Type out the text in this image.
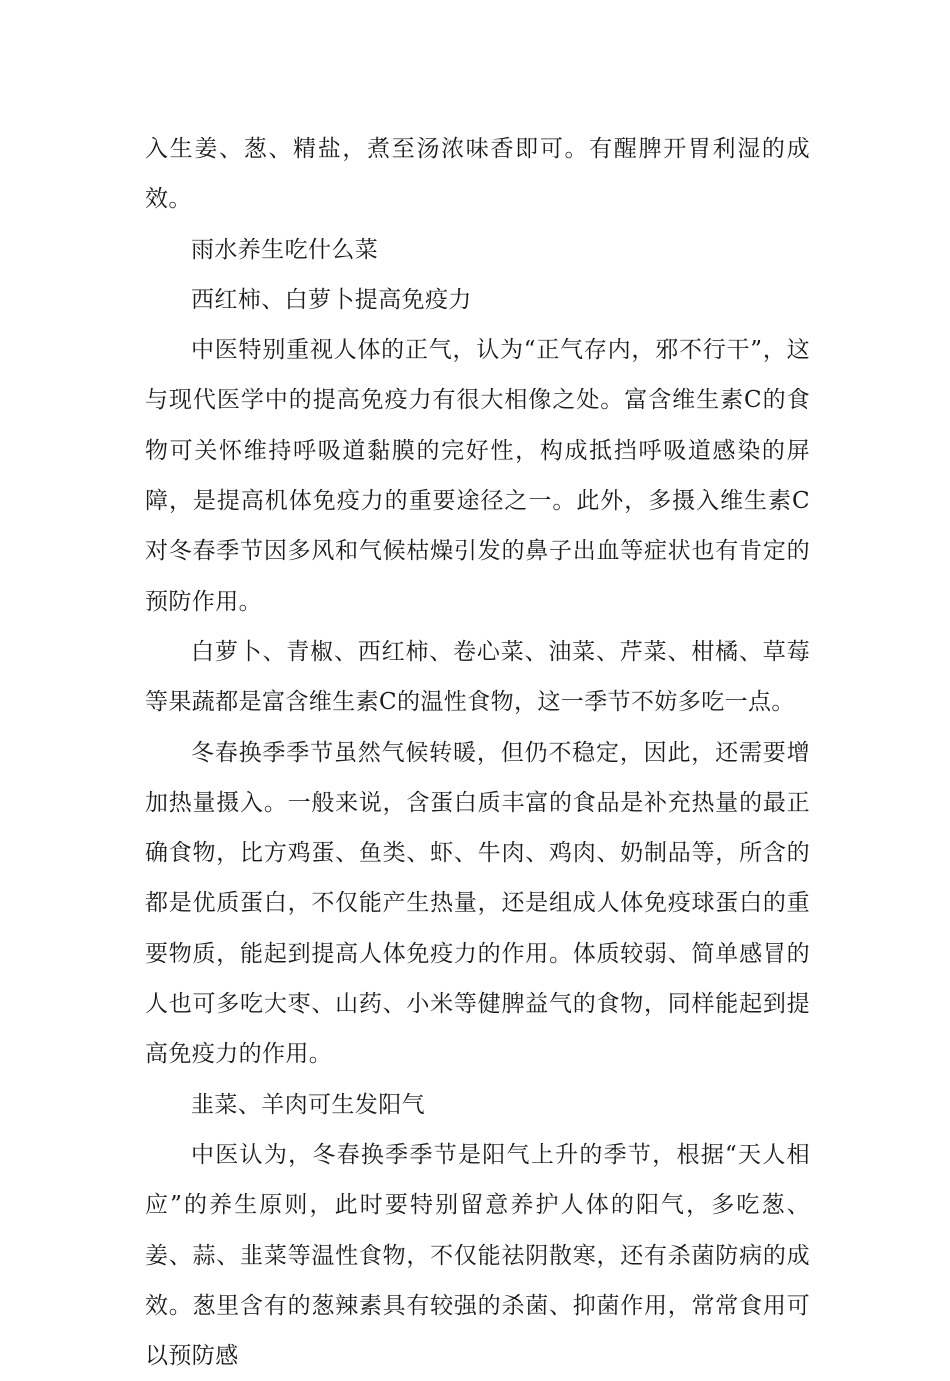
入生姜、葱、精盐，煮至汤浓味香即可。有醒脾开胃利湿的成效。

雨水养生吃什么菜

西红柿、白萝卜提高免疫力

中医特别重视人体的正气，认为“正气存内，邪不行干”，这与现代医学中的提高免疫力有很大相像之处。富含维生素C的食物可关怀维持呼吸道黏膜的完好性，构成抵挡呼吸道感染的屏障，是提高机体免疫力的重要途径之一。此外，多摄入维生素C对冬春季节因多风和气候枯燥引发的鼻子出血等症状也有肯定的预防作用。

白萝卜、青椒、西红柿、卷心菜、油菜、芹菜、柑橘、草莓等果蔬都是富含维生素C的温性食物，这一季节不妨多吃一点。

冬春换季季节虽然气候转暖，但仍不稳定，因此，还需要增加热量摄入。一般来说，含蛋白质丰富的食品是补充热量的最正确食物，比方鸡蛋、鱼类、虾、牛肉、鸡肉、奶制品等，所含的都是优质蛋白，不仅能产生热量，还是组成人体免疫球蛋白的重要物质，能起到提高人体免疫力的作用。体质较弱、简单感冒的人也可多吃大枣、山药、小米等健脾益气的食物，同样能起到提高免疫力的作用。

韭菜、羊肉可生发阳气

中医认为，冬春换季季节是阳气上升的季节，根据“天人相应”的养生原则，此时要特别留意养护人体的阳气，多吃葱、姜、蒜、韭菜等温性食物，不仅能祛阴散寒，还有杀菌防病的成效。葱里含有的葱辣素具有较强的杀菌、抑菌作用，常常食用可以预防感
